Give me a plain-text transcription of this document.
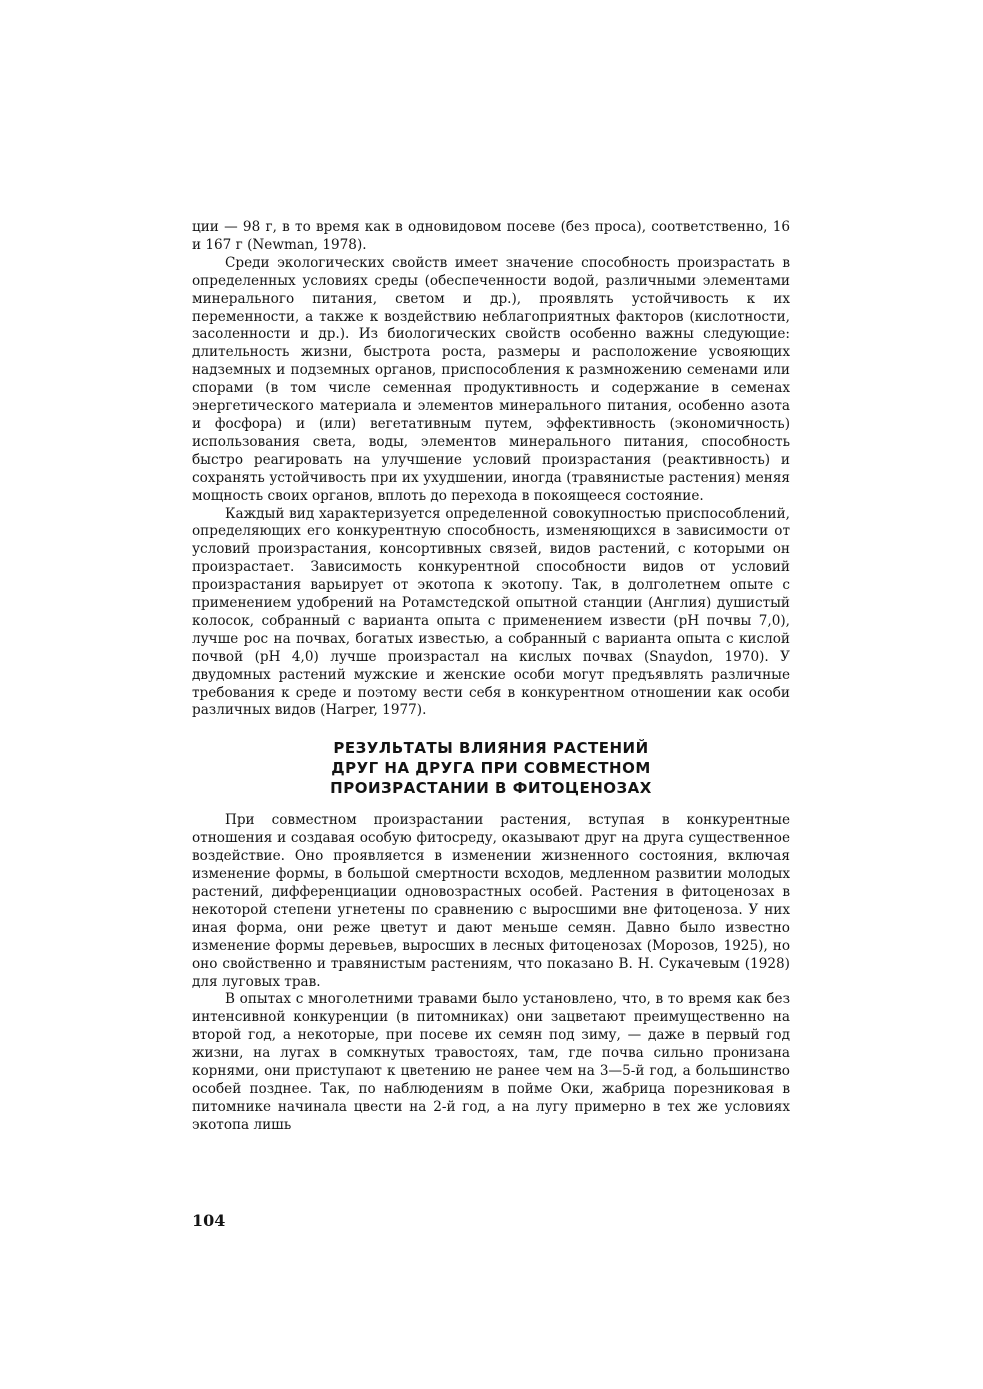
ции — 98 г, в то время как в одновидовом посеве (без проса), соответственно, 16 и 167 г (Newman, 1978).

Среди экологических свойств имеет значение способность произрастать в определенных условиях среды (обеспеченности водой, различными элементами минерального питания, светом и др.), проявлять устойчивость к их переменности, а также к воздействию неблагоприятных факторов (кислотности, засоленности и др.). Из биологических свойств особенно важны следующие: длительность жизни, быстрота роста, размеры и расположение усвояющих надземных и подземных органов, приспособления к размножению семенами или спорами (в том числе семенная продуктивность и содержание в семенах энергетического материала и элементов минерального питания, особенно азота и фосфора) и (или) вегетативным путем, эффективность (экономичность) использования света, воды, элементов минерального питания, способность быстро реагировать на улучшение условий произрастания (реактивность) и сохранять устойчивость при их ухудшении, иногда (травянистые растения) меняя мощность своих органов, вплоть до перехода в покоящееся состояние.

Каждый вид характеризуется определенной совокупностью приспособлений, определяющих его конкурентную способность, изменяющихся в зависимости от условий произрастания, консортивных связей, видов растений, с которыми он произрастает. Зависимость конкурентной способности видов от условий произрастания варьирует от экотопа к экотопу. Так, в долголетнем опыте с применением удобрений на Ротамстедской опытной станции (Англия) душистый колосок, собранный с варианта опыта с применением извести (pH почвы 7,0), лучше рос на почвах, богатых известью, а собранный с варианта опыта с кислой почвой (pH 4,0) лучше произрастал на кислых почвах (Snaydon, 1970). У двудомных растений мужские и женские особи могут предъявлять различные требования к среде и поэтому вести себя в конкурентном отношении как особи различных видов (Harper, 1977).

РЕЗУЛЬТАТЫ ВЛИЯНИЯ РАСТЕНИЙ
ДРУГ НА ДРУГА ПРИ СОВМЕСТНОМ
ПРОИЗРАСТАНИИ В ФИТОЦЕНОЗАХ

При совместном произрастании растения, вступая в конкурентные отношения и создавая особую фитосреду, оказывают друг на друга существенное воздействие. Оно проявляется в изменении жизненного состояния, включая изменение формы, в большой смертности всходов, медленном развитии молодых растений, дифференциации одновозрастных особей. Растения в фитоценозах в некоторой степени угнетены по сравнению с выросшими вне фитоценоза. У них иная форма, они реже цветут и дают меньше семян. Давно было известно изменение формы деревьев, выросших в лесных фитоценозах (Морозов, 1925), но оно свойственно и травянистым растениям, что показано В. Н. Сукачевым (1928) для луговых трав.

В опытах с многолетними травами было установлено, что, в то время как без интенсивной конкуренции (в питомниках) они зацветают преимущественно на второй год, а некоторые, при посеве их семян под зиму, — даже в первый год жизни, на лугах в сомкнутых травостоях, там, где почва сильно пронизана корнями, они приступают к цветению не ранее чем на 3—5-й год, а большинство особей позднее. Так, по наблюдениям в пойме Оки, жабрица порезниковая в питомнике начинала цвести на 2-й год, а на лугу примерно в тех же условиях экотопа лишь

104
